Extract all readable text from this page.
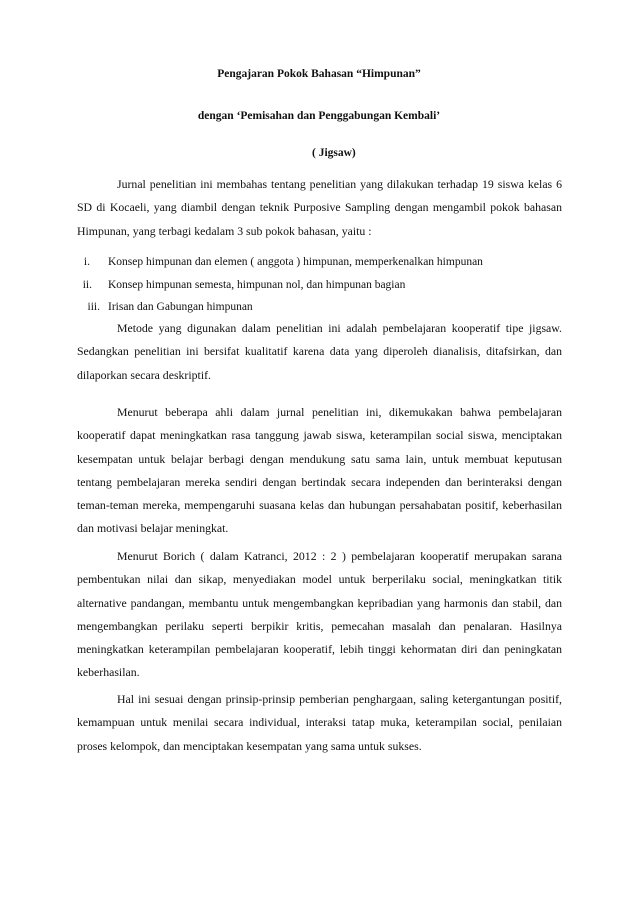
Pengajaran Pokok Bahasan “Himpunan”
dengan ‘Pemisahan dan Penggabungan Kembali’
( Jigsaw)

Jurnal penelitian ini membahas tentang penelitian yang dilakukan terhadap 19 siswa kelas 6 SD di Kocaeli, yang diambil dengan teknik Purposive Sampling dengan mengambil pokok bahasan Himpunan, yang terbagi kedalam 3 sub pokok bahasan, yaitu :

i.	Konsep himpunan dan elemen ( anggota ) himpunan, memperkenalkan himpunan
ii.	Konsep himpunan semesta, himpunan nol, dan himpunan bagian
iii. Irisan dan Gabungan himpunan

Metode yang digunakan dalam penelitian ini adalah pembelajaran kooperatif tipe jigsaw. Sedangkan penelitian ini bersifat kualitatif karena data yang diperoleh dianalisis, ditafsirkan, dan dilaporkan secara deskriptif.

Menurut beberapa ahli dalam jurnal penelitian ini, dikemukakan bahwa pembelajaran kooperatif dapat meningkatkan rasa tanggung jawab siswa, keterampilan social siswa, menciptakan kesempatan untuk belajar berbagi dengan mendukung satu sama lain, untuk membuat keputusan tentang pembelajaran mereka sendiri dengan bertindak secara independen dan berinteraksi dengan teman-teman mereka, mempengaruhi suasana kelas dan hubungan persahabatan positif, keberhasilan dan motivasi belajar meningkat.

Menurut Borich ( dalam Katranci, 2012 : 2 ) pembelajaran kooperatif merupakan sarana pembentukan nilai dan sikap, menyediakan model untuk berperilaku social, meningkatkan titik alternative pandangan, membantu untuk mengembangkan kepribadian yang harmonis dan stabil, dan mengembangkan perilaku seperti berpikir kritis, pemecahan masalah dan penalaran. Hasilnya meningkatkan keterampilan pembelajaran kooperatif, lebih tinggi kehormatan diri dan peningkatan keberhasilan.

Hal ini sesuai dengan prinsip-prinsip pemberian penghargaan, saling ketergantungan positif, kemampuan untuk menilai secara individual, interaksi tatap muka, keterampilan social, penilaian proses kelompok, dan menciptakan kesempatan yang sama untuk sukses.
